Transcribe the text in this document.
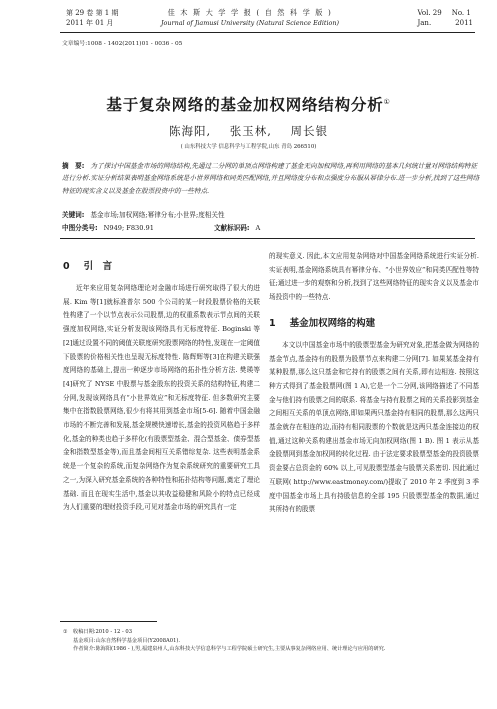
第 29 卷 第 1 期
2011 年 01 月
佳 木 斯 大 学 学 报 ( 自 然 科 学 版 )
Journal of Jiamusi University (Natural Science Edition)
Vol. 29 No. 1
Jan.	2011
文章编号:1008 - 1402(2011)01 - 0036 - 05
基于复杂网络的基金加权网络结构分析①
陈海阳, 张玉林, 周长银
( 山东科技大学 信息科学与工程学院,山东 青岛 266510)
摘　要: 为了探讨中国基金市场的网络结构,先通过二分网的单顶点网络构建了基金无向加权网络,再利用网络的基本几何统计量对网络结构特征进行分析.实证分析结果表明基金网络系统是小世界网络和同类匹配网络,并且网络度分布和点强度分布服从幂律分布.进一步分析,找到了这些网络特征的现实含义以及基金在股票投资中的一些特点.
关键词: 基金市场;加权网络;幂律分布;小世界;度相关性
中图分类号: N949; F830.91	文献标识码: A
0 引　言

近年来应用复杂网络理论对金融市场进行研究取得了很大的进展. Kim 等[1]就标准普尔 500 个公司的某一时段股票价格的关联性构建了一个以节点表示公司股票,边的权重系数表示节点间的关联强度加权网络,实证分析发现该网络具有无标度特征. Boginski 等[2]通过设置不同的阈值关联度研究股票网络的特性,发现在一定阈值下股票的价格相关性也呈现无标度特性. 陈辉辉等[3]在构建关联强度网络的基础上,提出一种逐步市场网络的拓扑性分析方法. 樊瑛等[4]研究了 NYSE 中股票与基金股东的投资关系的结构特征,构建二分网,发现该网络具有“小世界效应”和无标度特征. 但多数研究主要集中在指数股票网络,很少有将其用到基金市场[5-6]. 随着中国金融市场的不断完善和发展,基金规模快速增长,基金的投资风格趋于多样化,基金的种类也趋于多样化(有股票型基金、混合型基金、债券型基金和指数型基金等),而且基金间相互关系错综复杂. 这些表明基金系统是一个复杂的系统,而复杂网络作为复杂系统研究的重要研究工具之一,为深入研究基金系统的各种特性和拓扑结构等问题,奠定了理论基础. 而且在现实生活中,基金以其收益稳健和风险小的特点已经成为人们重要的理财投资手段,可见对基金市场的研究具有一定

的现实意义. 因此,本文应用复杂网络对中国基金网络系统进行实证分析. 实证表明,基金网络系统具有幂律分布、“小世界效应”和同类匹配性等特征;通过进一步的观察和分析,找到了这些网络特征的现实含义以及基金市场投资中的一些特点.

1 基金加权网络的构建

本文以中国基金市场中的股票型基金为研究对象,把基金做为网络的基金节点,基金持有的股票为股票节点来构建二分网[7]. 如果某基金持有某种股票,那么这只基金和它持有的股票之间有关系,即有边相连. 按照这种方式得到了基金股票网(图 1 A),它是一个二分网,该网络描述了不同基金与他们持有股票之间的联系. 将基金与持有股票之间的关系投影到基金之间相互关系的单顶点网络,即如果两只基金持有相同的股票,那么这两只基金就存在相连的边,而持有相同股票的个数就是这两只基金连接边的权值,通过这种关系构建出基金市场无向加权网络(图 1 B). 图 1 表示从基金股票网到基金加权网的转化过程. 由于法定要求股票型基金的投资股票资金要占总资金的 60% 以上,可见股票型基金与股票关系密切. 因此通过互联网( http://www.eastmoney.com/)提取了 2010 年 2 季度到 3 季度中国基金市场上具有持股信息的全部 195 只股票型基金的数据,通过其所持有的股票

① 收稿日期:2010 - 12 - 03
基金项目:山东自然科学基金项目(Y2008A01).
作者简介:陈海阳(1986 - ),男,福建泉州人,山东科技大学信息科学与工程学院硕士研究生,主要从事复杂网络应用、统计理论与应用的研究.
